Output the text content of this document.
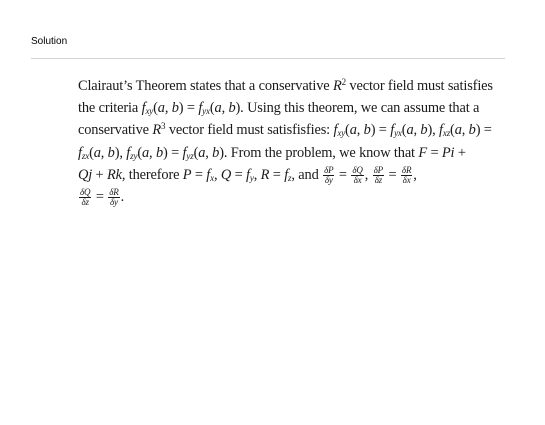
Solution
Clairaut’s Theorem states that a conservative $R^2$ vector field must satisfies
the criteria $f_{xy}(a$, $b) = f_{yx}(a$, b). Using this theorem, we can assume that a
conservative $R^3$ vector field must satisfisfies: $f_{xy}(a$, $b) = f_{yx}(a$, b), $f_{xz}(a$, b) =
$f_{zx}(a$, b), $f_{zy}(a$, $b) = f_{yz}(a$, b). From the problem, we know that F = Pi +
Qj + Rk, therefore $P = f_x$, $Q = f_y$, $R = f_z$, and $\frac{\delta P}{\delta y} = \frac{\delta Q}{\delta x}$ , $\frac{\delta P}{\delta z} = \frac{\delta R}{\delta x}$ ,
$\frac{\delta Q}{\delta z} = \frac{\delta R}{\delta y}$ .
